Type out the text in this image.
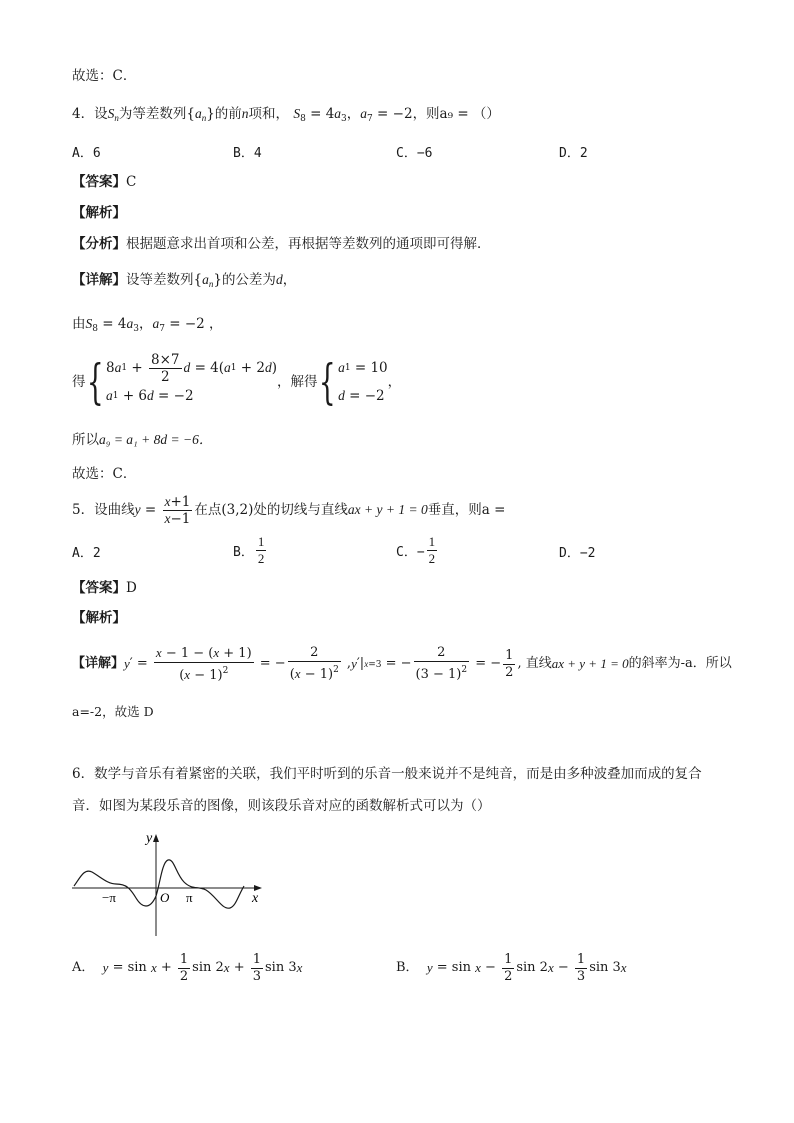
故选：C．
4．设$S_n$为等差数列$\{a_n\}$的前n项和， $S_8 = 4a_3$，$a_7 = -2$，则a₉ = （）
A．6	B．4	C．−6	D．2
【答案】C
【解析】
【分析】根据题意求出首项和公差，再根据等差数列的通项即可得解．
【详解】设等差数列$\{a_n\}$的公差为d，
由$S_8 = 4a_3$，$a_7 = -2$ ，
得 { 8 a $1 + \frac{8\times 7}{2}$ d = 4( a 1 + 2 d )
a 1 + 6 d = −2
，解得 { a 1 = 10
d = −2
，
所以a₉ = a₁ + 8d = −6．
故选：C．
5．设曲线 $y = \frac{x+1}{x-1}$ 在点 (3,2) 处的切线与直线 ax + y + 1 = 0 垂直，则a =
A．2	B． $\frac{1}{2}$	C．− $\frac{1}{2}$	D．−2
【答案】D
【解析】
【详解】 y ′ = $\frac{x - 1 - (x + 1)}{(x - 1)^2}$ = − $\frac{2}{(x - 1)^2}$ , y ′| x=3 = − $\frac{2}{(3 - 1)^2}$ = − $\frac{1}{2}$ , 直线 ax + y + 1 = 0 的斜率为-a．所以
a=-2，故选 D
6．数学与音乐有着紧密的关联，我们平时听到的乐音一般来说并不是纯音，而是由多种波叠加而成的复合
音．如图为某段乐音的图像，则该段乐音对应的函数解析式可以为（）
y
x
O
−π	π
A．
$y = \sin x + \frac{1}{2}$ sin 2 $x + \frac{1}{3}$ sin 3 x	B．
$y = \sin x - \frac{1}{2}$ sin 2 $x - \frac{1}{3}$ sin 3 x
